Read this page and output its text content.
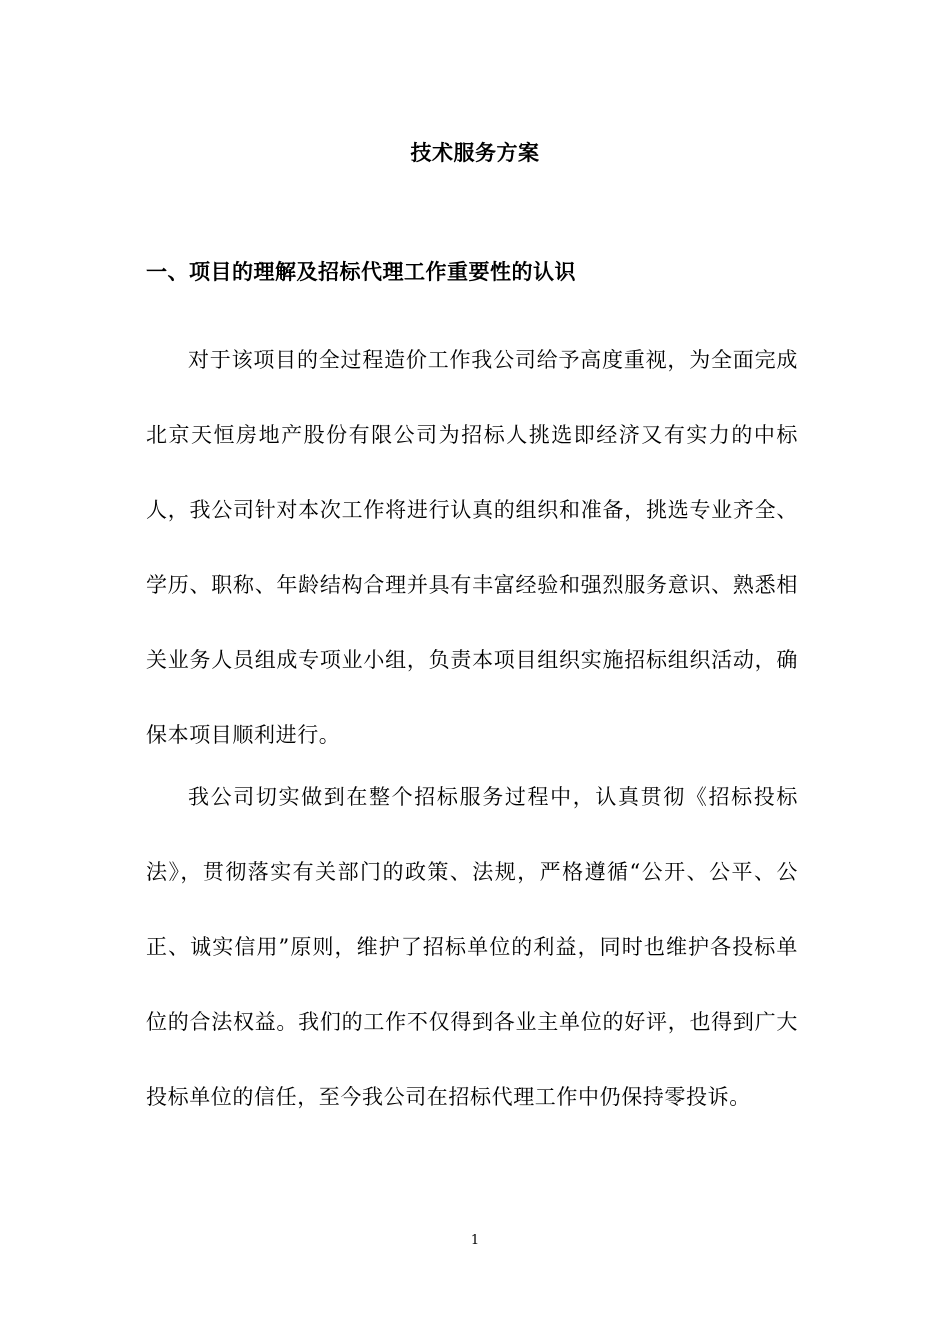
技术服务方案
一、项目的理解及招标代理工作重要性的认识

对于该项目的全过程造价工作我公司给予高度重视，为全面完成北京天恒房地产股份有限公司为招标人挑选即经济又有实力的中标人，我公司针对本次工作将进行认真的组织和准备，挑选专业齐全、学历、职称、年龄结构合理并具有丰富经验和强烈服务意识、熟悉相关业务人员组成专项业小组，负责本项目组织实施招标组织活动，确保本项目顺利进行。

我公司切实做到在整个招标服务过程中，认真贯彻《招标投标法》，贯彻落实有关部门的政策、法规，严格遵循“公开、公平、公正、诚实信用”原则，维护了招标单位的利益，同时也维护各投标单位的合法权益。我们的工作不仅得到各业主单位的好评，也得到广大投标单位的信任，至今我公司在招标代理工作中仍保持零投诉。

1
